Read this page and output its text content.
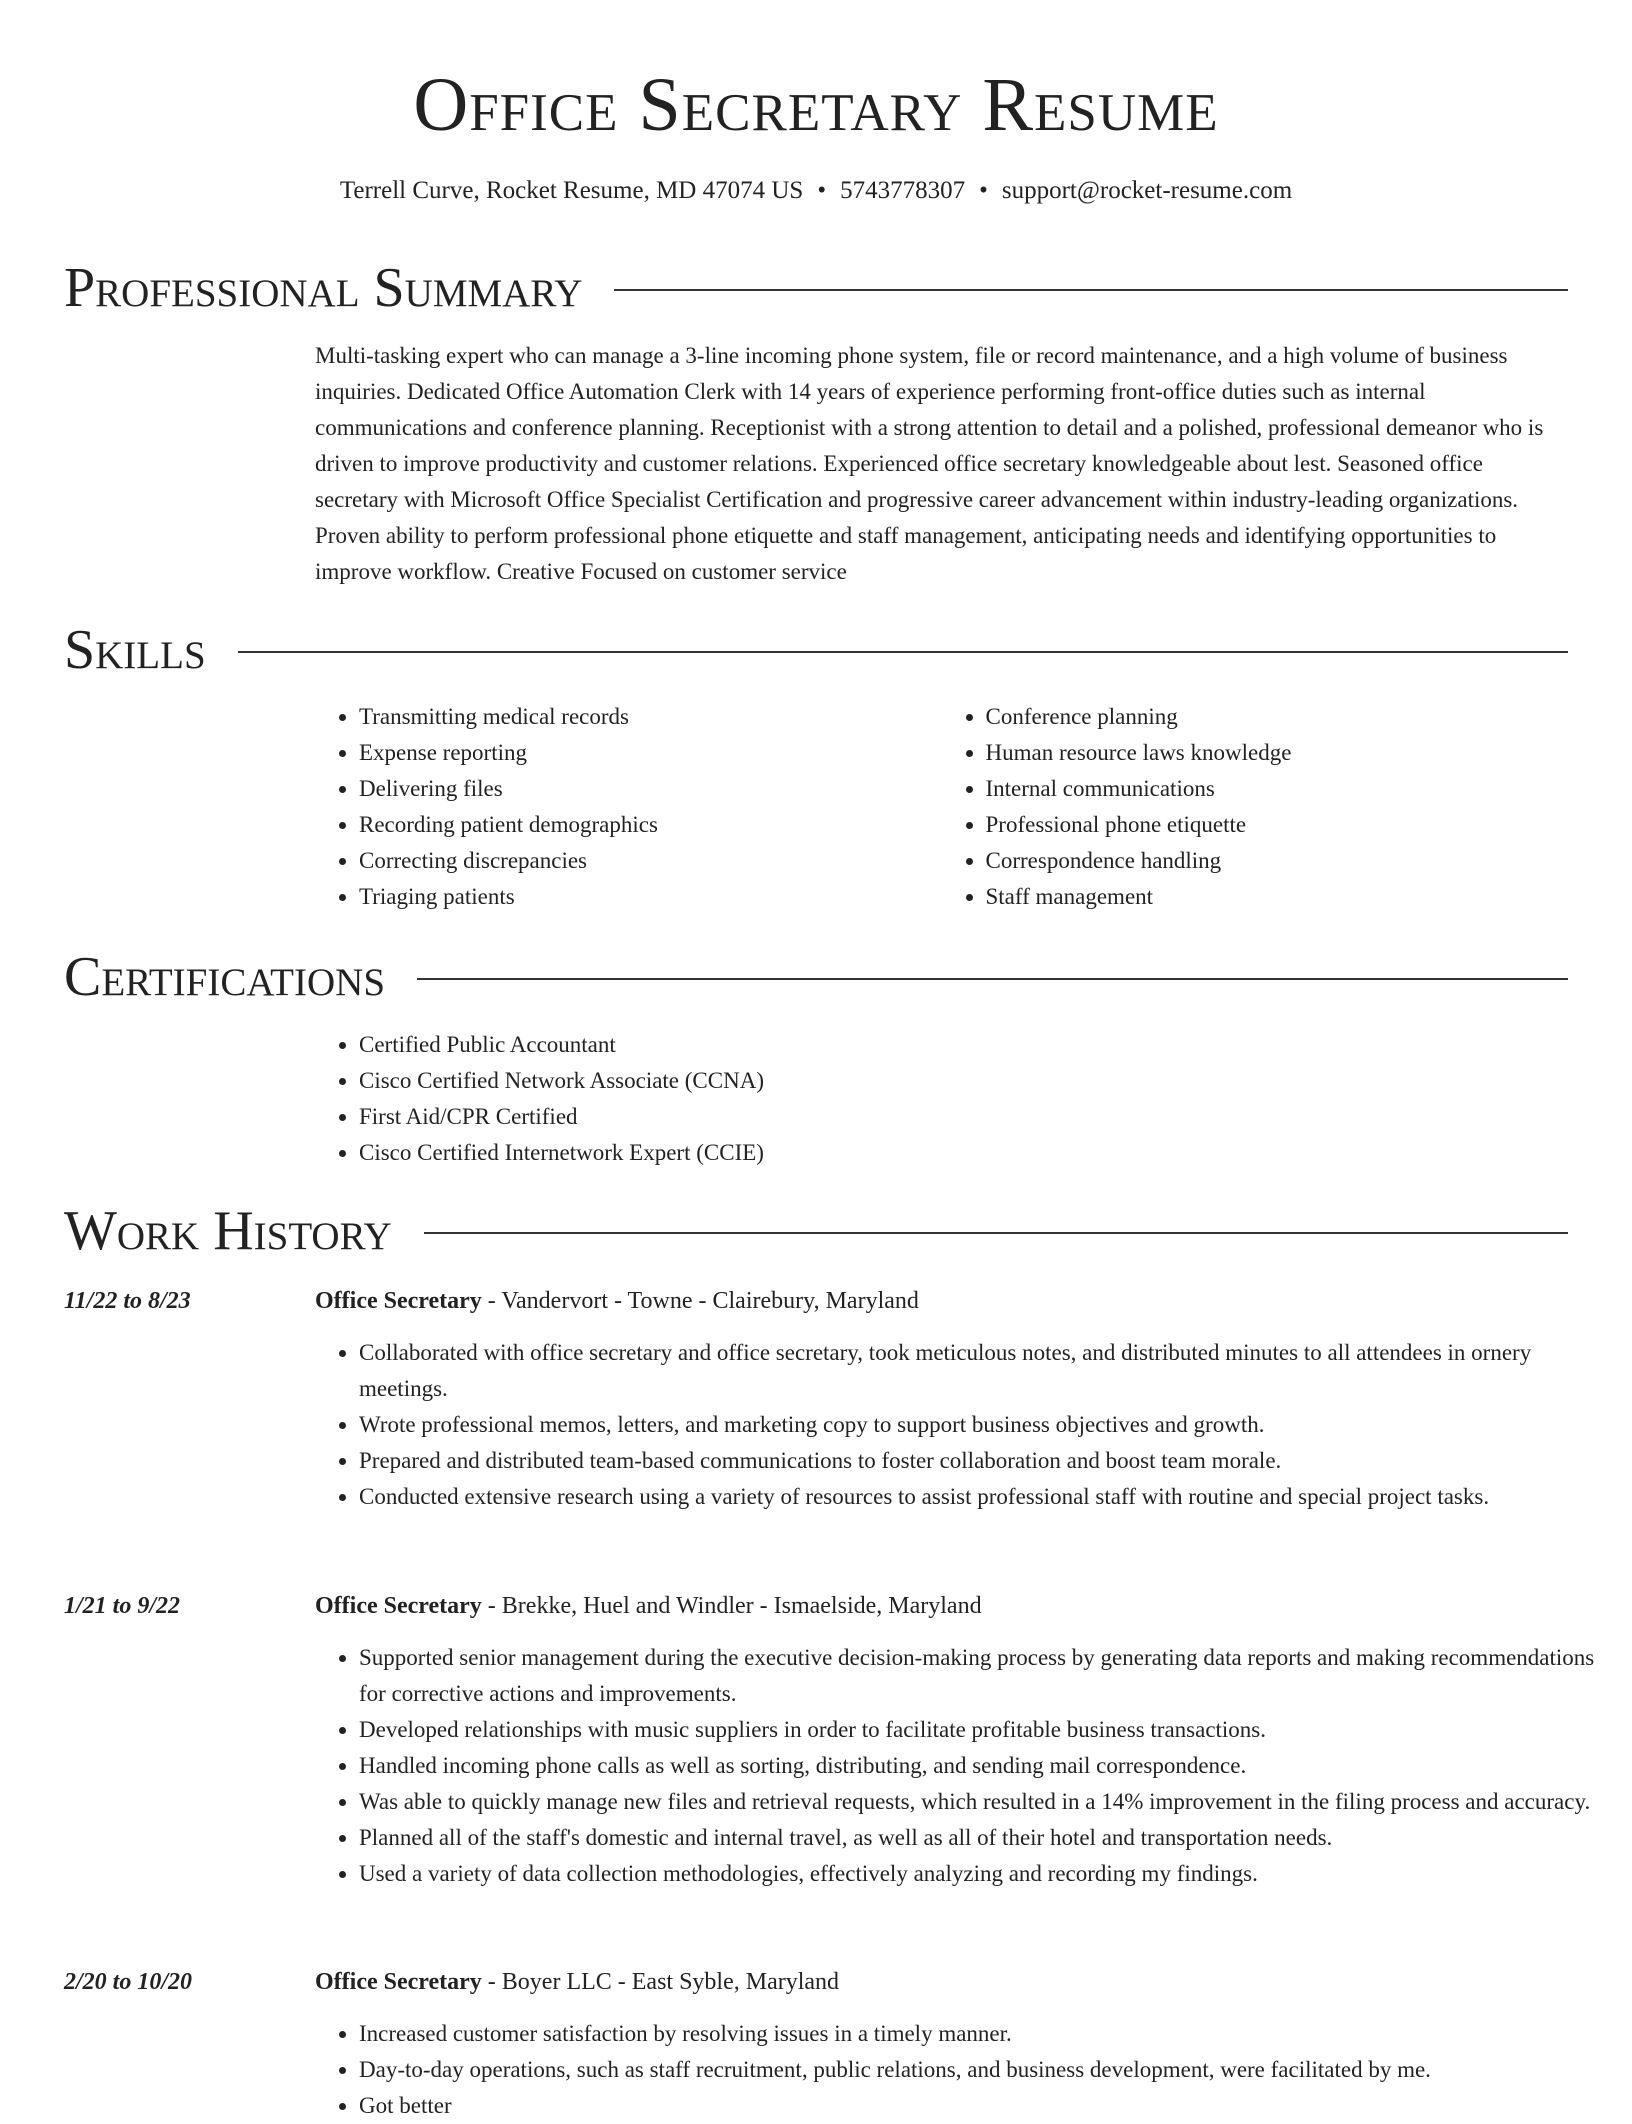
Office Secretary Resume
Terrell Curve, Rocket Resume, MD 47074 US • 5743778307 • support@rocket-resume.com
Professional Summary

Multi-tasking expert who can manage a 3-line incoming phone system, file or record maintenance, and a high volume of business inquiries. Dedicated Office Automation Clerk with 14 years of experience performing front-office duties such as internal communications and conference planning. Receptionist with a strong attention to detail and a polished, professional demeanor who is driven to improve productivity and customer relations. Experienced office secretary knowledgeable about lest. Seasoned office secretary with Microsoft Office Specialist Certification and progressive career advancement within industry-leading organizations. Proven ability to perform professional phone etiquette and staff management, anticipating needs and identifying opportunities to improve workflow. Creative Focused on customer service

Skills
• Transmitting medical records
• Expense reporting
• Delivering files
• Recording patient demographics
• Correcting discrepancies
• Triaging patients
• Conference planning
• Human resource laws knowledge
• Internal communications
• Professional phone etiquette
• Correspondence handling
• Staff management
Certifications
• Certified Public Accountant
• Cisco Certified Network Associate (CCNA)
• First Aid/CPR Certified
• Cisco Certified Internetwork Expert (CCIE)
Work History
11/22 to 8/23	Office Secretary - Vandervort - Towne - Clairebury, Maryland
• Collaborated with office secretary and office secretary, took meticulous notes, and distributed minutes to all attendees in ornery meetings.
• Wrote professional memos, letters, and marketing copy to support business objectives and growth.
• Prepared and distributed team-based communications to foster collaboration and boost team morale.
• Conducted extensive research using a variety of resources to assist professional staff with routine and special project tasks.
1/21 to 9/22	Office Secretary - Brekke, Huel and Windler - Ismaelside, Maryland
• Supported senior management during the executive decision-making process by generating data reports and making recommendations for corrective actions and improvements.
• Developed relationships with music suppliers in order to facilitate profitable business transactions.
• Handled incoming phone calls as well as sorting, distributing, and sending mail correspondence.
• Was able to quickly manage new files and retrieval requests, which resulted in a 14% improvement in the filing process and accuracy.
• Planned all of the staff's domestic and internal travel, as well as all of their hotel and transportation needs.
• Used a variety of data collection methodologies, effectively analyzing and recording my findings.
2/20 to 10/20	Office Secretary - Boyer LLC - East Syble, Maryland
• Increased customer satisfaction by resolving issues in a timely manner.
• Day-to-day operations, such as staff recruitment, public relations, and business development, were facilitated by me.
• Got better
